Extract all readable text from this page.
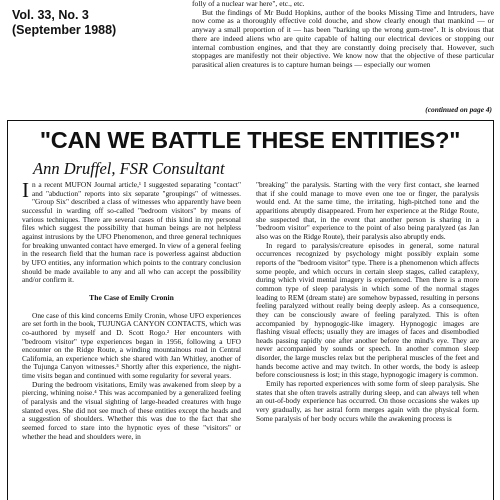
Vol. 33, No. 3
(September 1988)

folly of a nuclear war here", etc., etc.

But the findings of Mr Budd Hopkins, author of the books Missing Time and Intruders, have now come as a thoroughly effective cold douche, and show clearly enough that mankind — or anyway a small proportion of it — has been "barking up the wrong gum-tree". It is obvious that there are indeed aliens who are quite capable of halting our electrical devices or stopping our internal combustion engines, and that they are constantly doing precisely that. However, such stoppages are manifestly not their objective. We know now that the objective of these particular parasitical alien creatures is to capture human beings — especially our women

(continued on page 4)
"CAN WE BATTLE THESE ENTITIES?"
Ann Druffel, FSR Consultant

In a recent MUFON Journal article,¹ I suggested separating "contact" and "abduction" reports into six separate "groupings" of witnesses. "Group Six" described a class of witnesses who apparently have been successful in warding off so-called "bedroom visitors" by means of various techniques. There are several cases of this kind in my personal files which suggest the possibility that human beings are not helpless against intrusions by the UFO Phenomenon, and three general techniques for breaking unwanted contact have emerged. In view of a general feeling in the research field that the human race is powerless against abduction by UFO entities, any information which points to the contrary conclusion should be made available to any and all who can accept the possibility and/or confirm it.

The Case of Emily Cronin

One case of this kind concerns Emily Cronin, whose UFO experiences are set forth in the book, TUJUNGA CANYON CONTACTS, which was co-authored by myself and D. Scott Rogo.² Her encounters with "bedroom visitor" type experiences began in 1956, following a UFO encounter on the Ridge Route, a winding mountainous road in Central California, an experience which she shared with Jan Whitley, another of the Tujunga Canyon witnesses.³ Shortly after this experience, the night-time visits began and continued with some regularity for several years.

During the bedroom visitations, Emily was awakened from sleep by a piercing, whining noise.⁴ This was accompanied by a generalized feeling of paralysis and the visual sighting of large-headed creatures with huge slanted eyes. She did not see much of these entities except the heads and a suggestion of shoulders. Whether this was due to the fact that she seemed forced to stare into the hypnotic eyes of these "visitors" or whether the head and shoulders were, in

"breaking" the paralysis. Starting with the very first contact, she learned that if she could manage to move even one toe or finger, the paralysis would end. At the same time, the irritating, high-pitched tone and the apparitions abruptly disappeared. From her experience at the Ridge Route, she suspected that, in the event that another person is sharing in a "bedroom visitor" experience to the point of also being paralyzed (as Jan also was on the Ridge Route), their paralysis also abruptly ends.

In regard to paralysis/creature episodes in general, some natural occurrences recognized by psychology might possibly explain some reports of the "bedroom visitor" type. There is a phenomenon which affects some people, and which occurs in certain sleep stages, called cataplexy, during which vivid mental imagery is experienced. Then there is a more common type of sleep paralysis in which some of the normal stages leading to REM (dream state) are somehow bypassed, resulting in persons feeling paralyzed without really being deeply asleep. As a consequence, they can be consciously aware of feeling paralyzed. This is often accompanied by hypnogogic-like imagery. Hypnogogic images are flashing visual effects; usually they are images of faces and disembodied heads passing rapidly one after another before the mind's eye. They are never accompanied by sounds or speech. In another common sleep disorder, the large muscles relax but the peripheral muscles of the feet and hands become active and may twitch. In other words, the body is asleep before consciousness is lost; in this stage, hypnogogic imagery is common.

Emily has reported experiences with some form of sleep paralysis. She states that she often travels astrally during sleep, and can always tell when an out-of-body experience has occurred. On those occasions she wakes up very gradually, as her astral form merges again with the physical form. Some paralysis of her body occurs while the awakening process is
